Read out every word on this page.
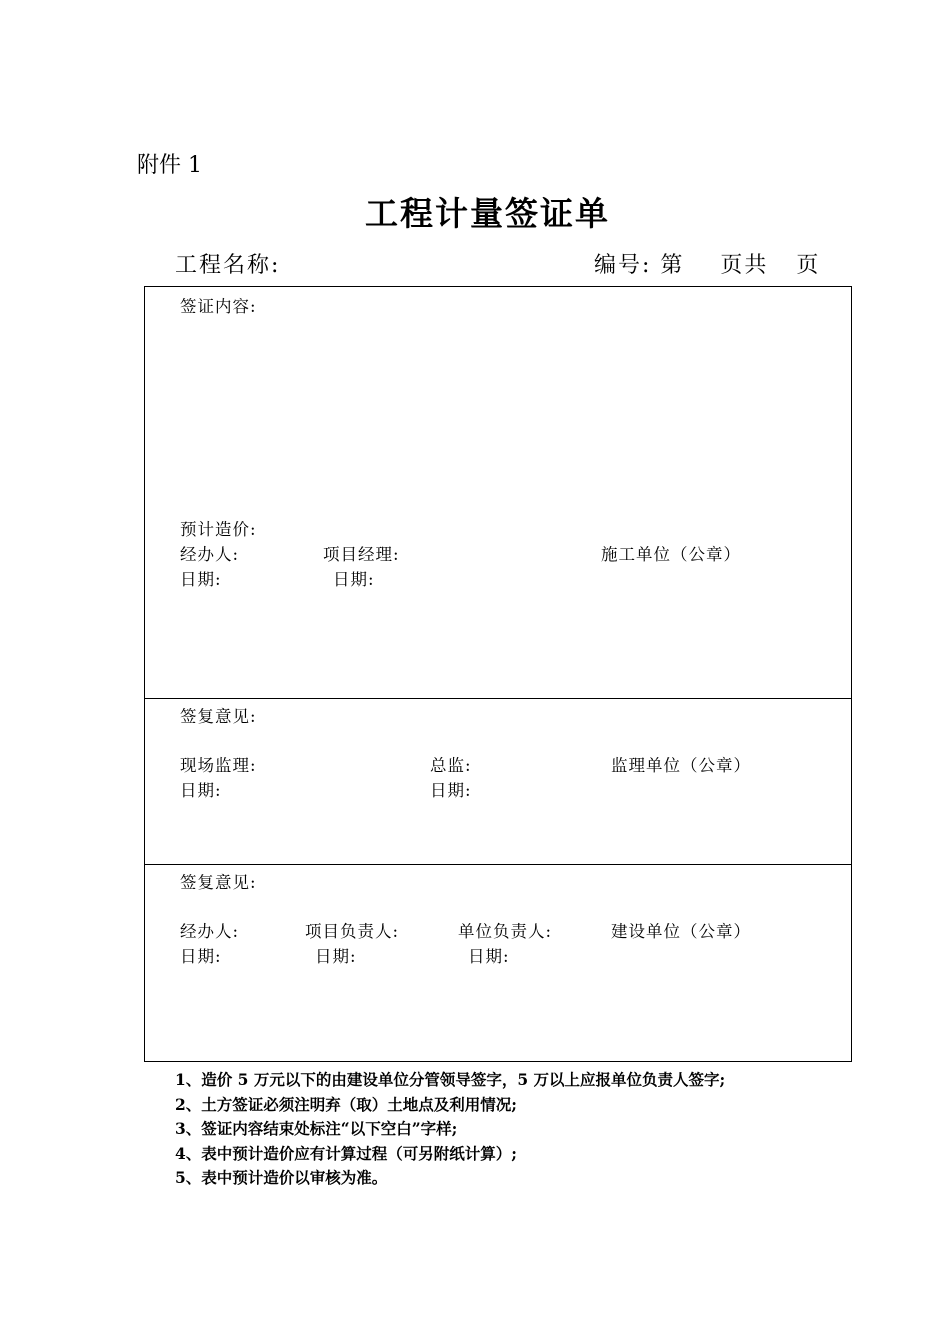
附件 1
工程计量签证单
工程名称:	编号: 第 页共 页
签证内容:
预计造价:
经办人:	项目经理:	施工单位（公章）
日期:	日期:
签复意见:
现场监理:	总监:	监理单位（公章）
日期:	日期:
签复意见:
经办人:	项目负责人:	单位负责人:	建设单位（公章）
日期:	日期:	日期:
1、造价 5 万元以下的由建设单位分管领导签字，5 万以上应报单位负责人签字;
2、土方签证必须注明弃（取）土地点及利用情况;
3、签证内容结束处标注“以下空白”字样;
4、表中预计造价应有计算过程（可另附纸计算）;
5、表中预计造价以审核为准。
